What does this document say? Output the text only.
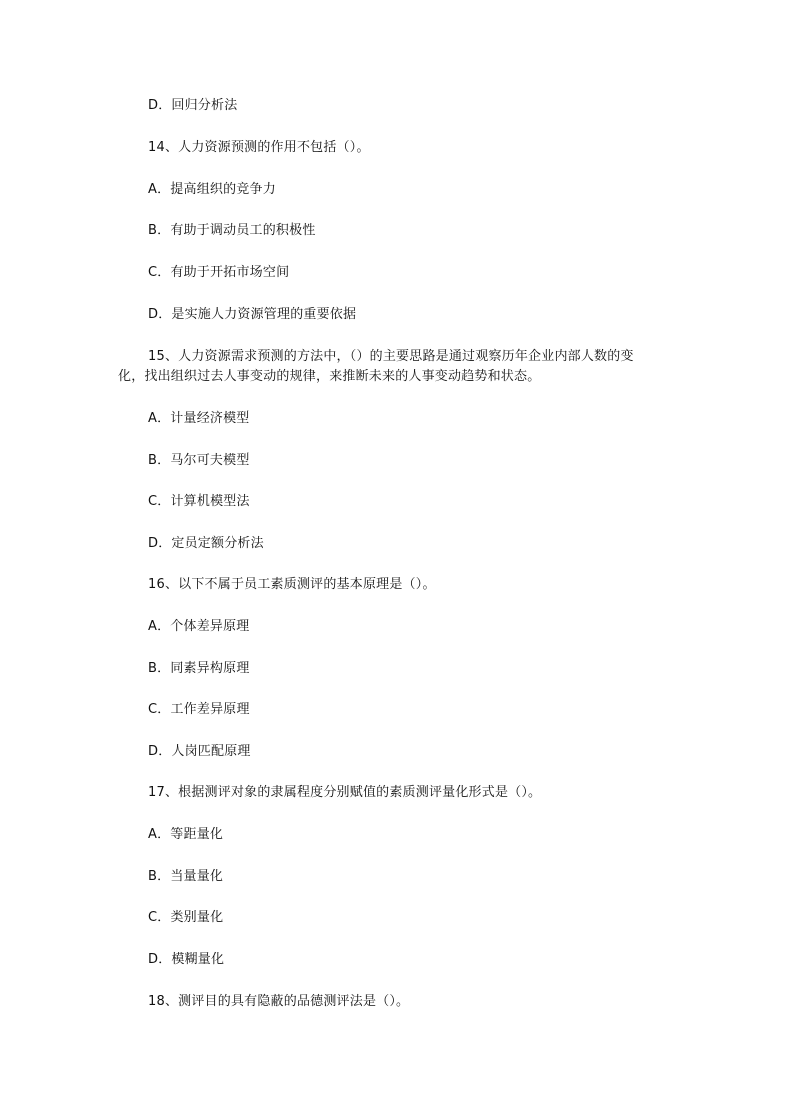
D．回归分析法
14、人力资源预测的作用不包括（）。
A．提高组织的竞争力
B．有助于调动员工的积极性
C．有助于开拓市场空间
D．是实施人力资源管理的重要依据
15、人力资源需求预测的方法中，（）的主要思路是通过观察历年企业内部人数的变
化，找出组织过去人事变动的规律，来推断未来的人事变动趋势和状态。
A．计量经济模型
B．马尔可夫模型
C．计算机模型法
D．定员定额分析法
16、以下不属于员工素质测评的基本原理是（）。
A．个体差异原理
B．同素异构原理
C．工作差异原理
D．人岗匹配原理
17、根据测评对象的隶属程度分别赋值的素质测评量化形式是（）。
A．等距量化
B．当量量化
C．类别量化
D．模糊量化
18、测评目的具有隐蔽的品德测评法是（）。
